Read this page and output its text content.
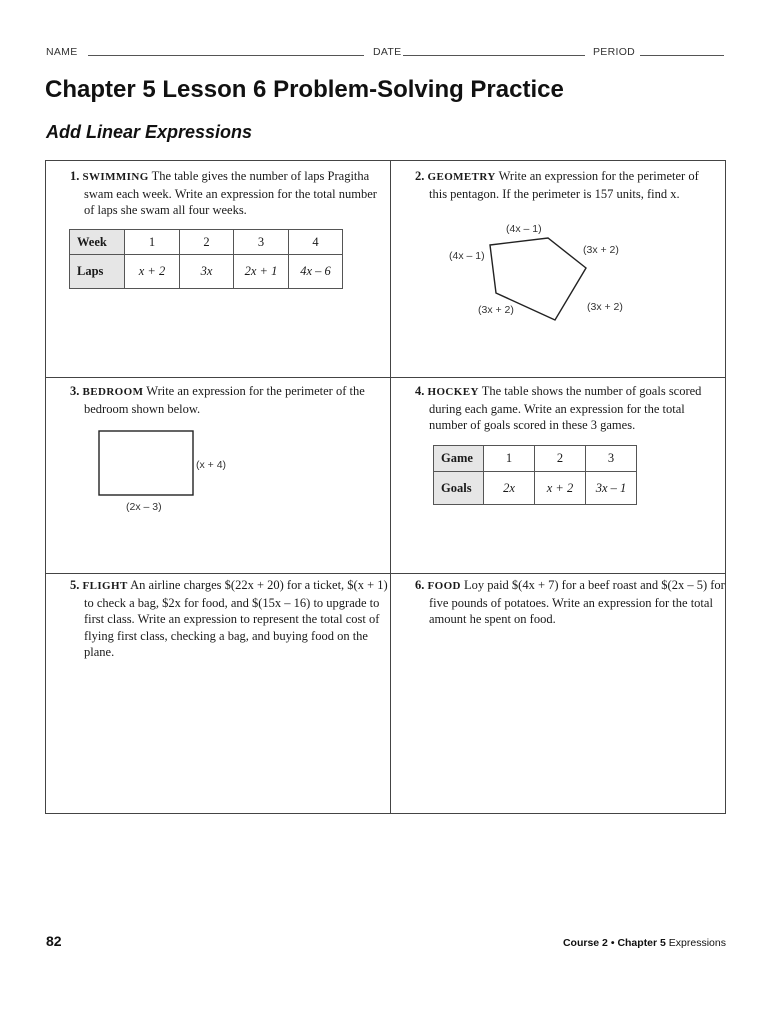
NAME	DATE	PERIOD
Chapter 5 Lesson 6 Problem-Solving Practice
Add Linear Expressions
1. SWIMMING The table gives the number of laps Pragitha swam each week. Write an expression for the total number of laps she swam all four weeks.
Week	1	2	3	4
Laps	x + 2	3x	2x + 1	4x – 6
2. GEOMETRY Write an expression for the perimeter of this pentagon. If the perimeter is 157 units, find x.
(4x – 1)
(4x – 1)	(3x + 2)
(3x + 2)	(3x + 2)
3. BEDROOM Write an expression for the perimeter of the bedroom shown below.
(x + 4)
(2x – 3)
4. HOCKEY The table shows the number of goals scored during each game. Write an expression for the total number of goals scored in these 3 games.
Game	1	2	3
Goals	2x	x + 2	3x – 1
5. FLIGHT An airline charges $(22x + 20) for a ticket, $(x + 1) to check a bag, $2x for food, and $(15x – 16) to upgrade to first class. Write an expression to represent the total cost of flying first class, checking a bag, and buying food on the plane.
6. FOOD Loy paid $(4x + 7) for a beef roast and $(2x – 5) for five pounds of potatoes. Write an expression for the total amount he spent on food.
82	Course 2 • Chapter 5 Expressions
